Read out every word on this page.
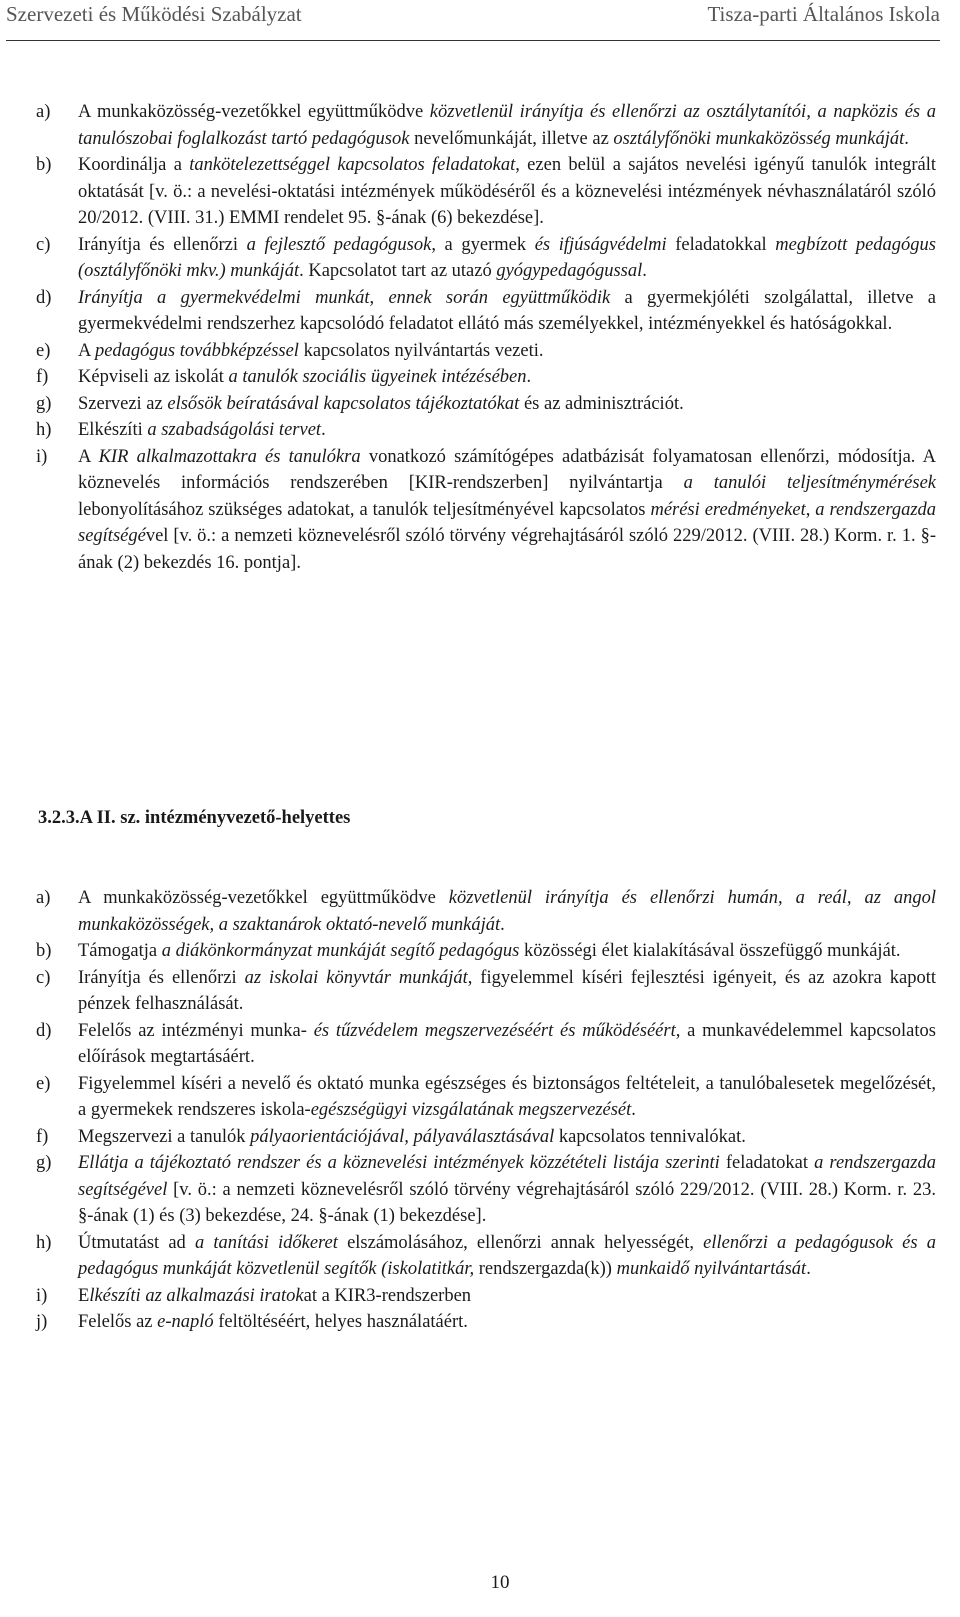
Szervezeti és Működési Szabályzat	Tisza-parti Általános Iskola
a) A munkaközösség-vezetőkkel együttműködve közvetlenül irányítja és ellenőrzi az osztálytanítói, a napközis és a tanulószobai foglalkozást tartó pedagógusok nevelőmunkáját, illetve az osztályfőnöki munkaközösség munkáját.
b) Koordinálja a tankötelezettséggel kapcsolatos feladatokat, ezen belül a sajátos nevelési igényű tanulók integrált oktatását [v. ö.: a nevelési-oktatási intézmények működéséről és a köznevelési intézmények névhasználatáról szóló 20/2012. (VIII. 31.) EMMI rendelet 95. §-ának (6) bekezdése].
c) Irányítja és ellenőrzi a fejlesztő pedagógusok, a gyermek és ifjúságvédelmi feladatokkal megbízott pedagógus (osztályfőnöki mkv.) munkáját. Kapcsolatot tart az utazó gyógypedagógussal.
d) Irányítja a gyermekvédelmi munkát, ennek során együttműködik a gyermekjóléti szolgálattal, illetve a gyermekvédelmi rendszerhez kapcsolódó feladatot ellátó más személyekkel, intézményekkel és hatóságokkal.
e) A pedagógus továbbképzéssel kapcsolatos nyilvántartás vezeti.
f) Képviseli az iskolát a tanulók szociális ügyeinek intézésében.
g) Szervezi az elsősök beíratásával kapcsolatos tájékoztatókat és az adminisztrációt.
h) Elkészíti a szabadságolási tervet.
i) A KIR alkalmazottakra és tanulókra vonatkozó számítógépes adatbázisát folyamatosan ellenőrzi, módosítja. A köznevelés információs rendszerében [KIR-rendszerben] nyilvántartja a tanulói teljesítménymérések lebonyolításához szükséges adatokat, a tanulók teljesítményével kapcsolatos mérési eredményeket, a rendszergazda segítségével [v. ö.: a nemzeti köznevelésről szóló törvény végrehajtásáról szóló 229/2012. (VIII. 28.) Korm. r. 1. §-ának (2) bekezdés 16. pontja].
3.2.3.A II. sz. intézményvezető-helyettes
a) A munkaközösség-vezetőkkel együttműködve közvetlenül irányítja és ellenőrzi humán, a reál, az angol munkaközösségek, a szaktanárok oktató-nevelő munkáját.
b) Támogatja a diákönkormányzat munkáját segítő pedagógus közösségi élet kialakításával összefüggő munkáját.
c) Irányítja és ellenőrzi az iskolai könyvtár munkáját, figyelemmel kíséri fejlesztési igényeit, és az azokra kapott pénzek felhasználását.
d) Felelős az intézményi munka- és tűzvédelem megszervezéséért és működéséért, a munkavédelemmel kapcsolatos előírások megtartásáért.
e) Figyelemmel kíséri a nevelő és oktató munka egészséges és biztonságos feltételeit, a tanulóbalesetek megelőzését, a gyermekek rendszeres iskola-egészségügyi vizsgálatának megszervezését.
f) Megszervezi a tanulók pályaorientációjával, pályaválasztásával kapcsolatos tennivalókat.
g) Ellátja a tájékoztató rendszer és a köznevelési intézmények közzétételi listája szerinti feladatokat a rendszergazda segítségével [v. ö.: a nemzeti köznevelésről szóló törvény végrehajtásáról szóló 229/2012. (VIII. 28.) Korm. r. 23. §-ának (1) és (3) bekezdése, 24. §-ának (1) bekezdése].
h) Útmutatást ad a tanítási időkeret elszámolásához, ellenőrzi annak helyességét, ellenőrzi a pedagógusok és a pedagógus munkáját közvetlenül segítők (iskolatitkár, rendszergazda(k)) munkaidő nyilvántartását.
i) Elkészíti az alkalmazási iratokat a KIR3-rendszerben
j) Felelős az e-napló feltöltéséért, helyes használatáért.
10
